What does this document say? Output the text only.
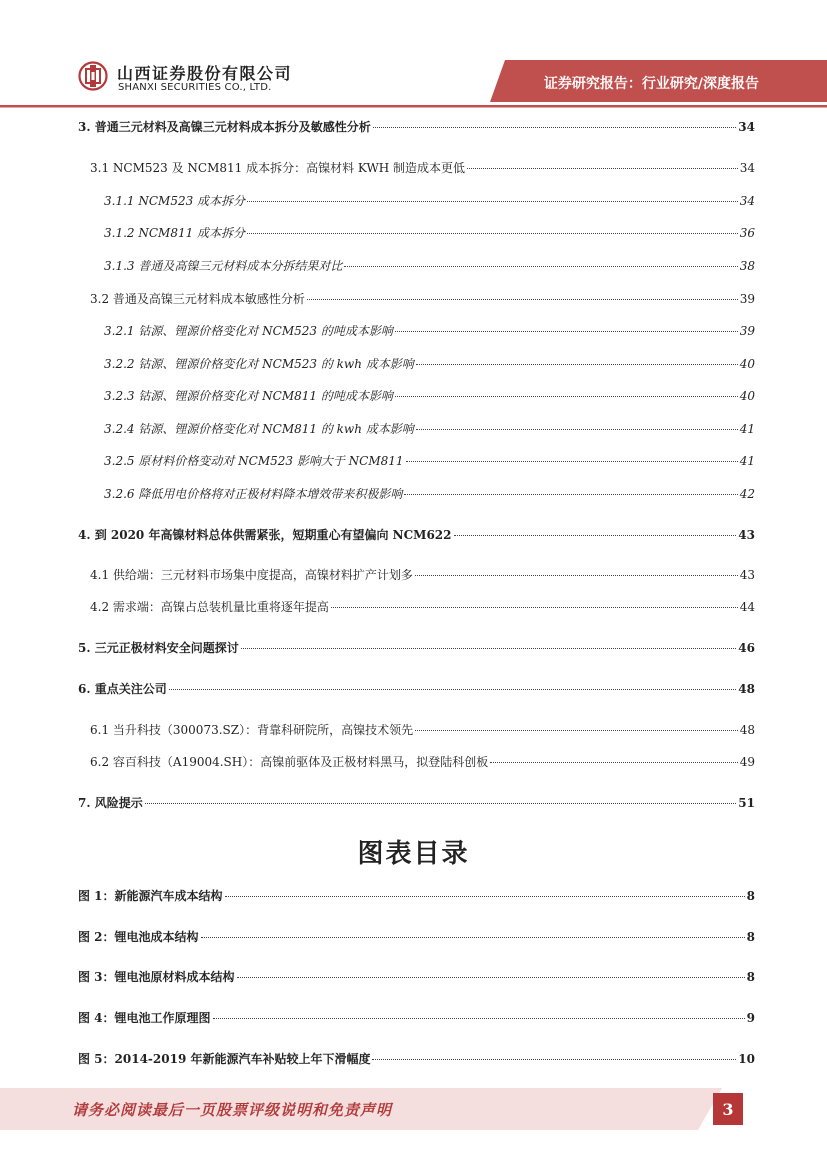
山西证券股份有限公司
SHANXI SECURITIES CO., LTD.	证券研究报告：行业研究/深度报告
3. 普通三元材料及高镍三元材料成本拆分及敏感性分析	34
3.1 NCM523 及 NCM811 成本拆分：高镍材料 KWH 制造成本更低	34
3.1.1 NCM523 成本拆分	34
3.1.2 NCM811 成本拆分	36
3.1.3 普通及高镍三元材料成本分拆结果对比	38
3.2 普通及高镍三元材料成本敏感性分析	39
3.2.1 钴源、锂源价格变化对 NCM523 的吨成本影响	39
3.2.2 钴源、锂源价格变化对 NCM523 的 kwh 成本影响	40
3.2.3 钴源、锂源价格变化对 NCM811 的吨成本影响	40
3.2.4 钴源、锂源价格变化对 NCM811 的 kwh 成本影响	41
3.2.5 原材料价格变动对 NCM523 影响大于 NCM811	41
3.2.6 降低用电价格将对正极材料降本增效带来积极影响	42
4. 到 2020 年高镍材料总体供需紧张，短期重心有望偏向 NCM622	43
4.1 供给端：三元材料市场集中度提高，高镍材料扩产计划多	43
4.2 需求端：高镍占总装机量比重将逐年提高	44
5. 三元正极材料安全问题探讨	46
6. 重点关注公司	48
6.1 当升科技（300073.SZ）：背靠科研院所，高镍技术领先	48
6.2 容百科技（A19004.SH）：高镍前驱体及正极材料黑马，拟登陆科创板	49
7. 风险提示	51
图表目录
图 1：新能源汽车成本结构	8
图 2：锂电池成本结构	8
图 3：锂电池原材料成本结构	8
图 4：锂电池工作原理图	9
图 5：2014-2019 年新能源汽车补贴较上年下滑幅度	10
请务必阅读最后一页股票评级说明和免责声明	3
